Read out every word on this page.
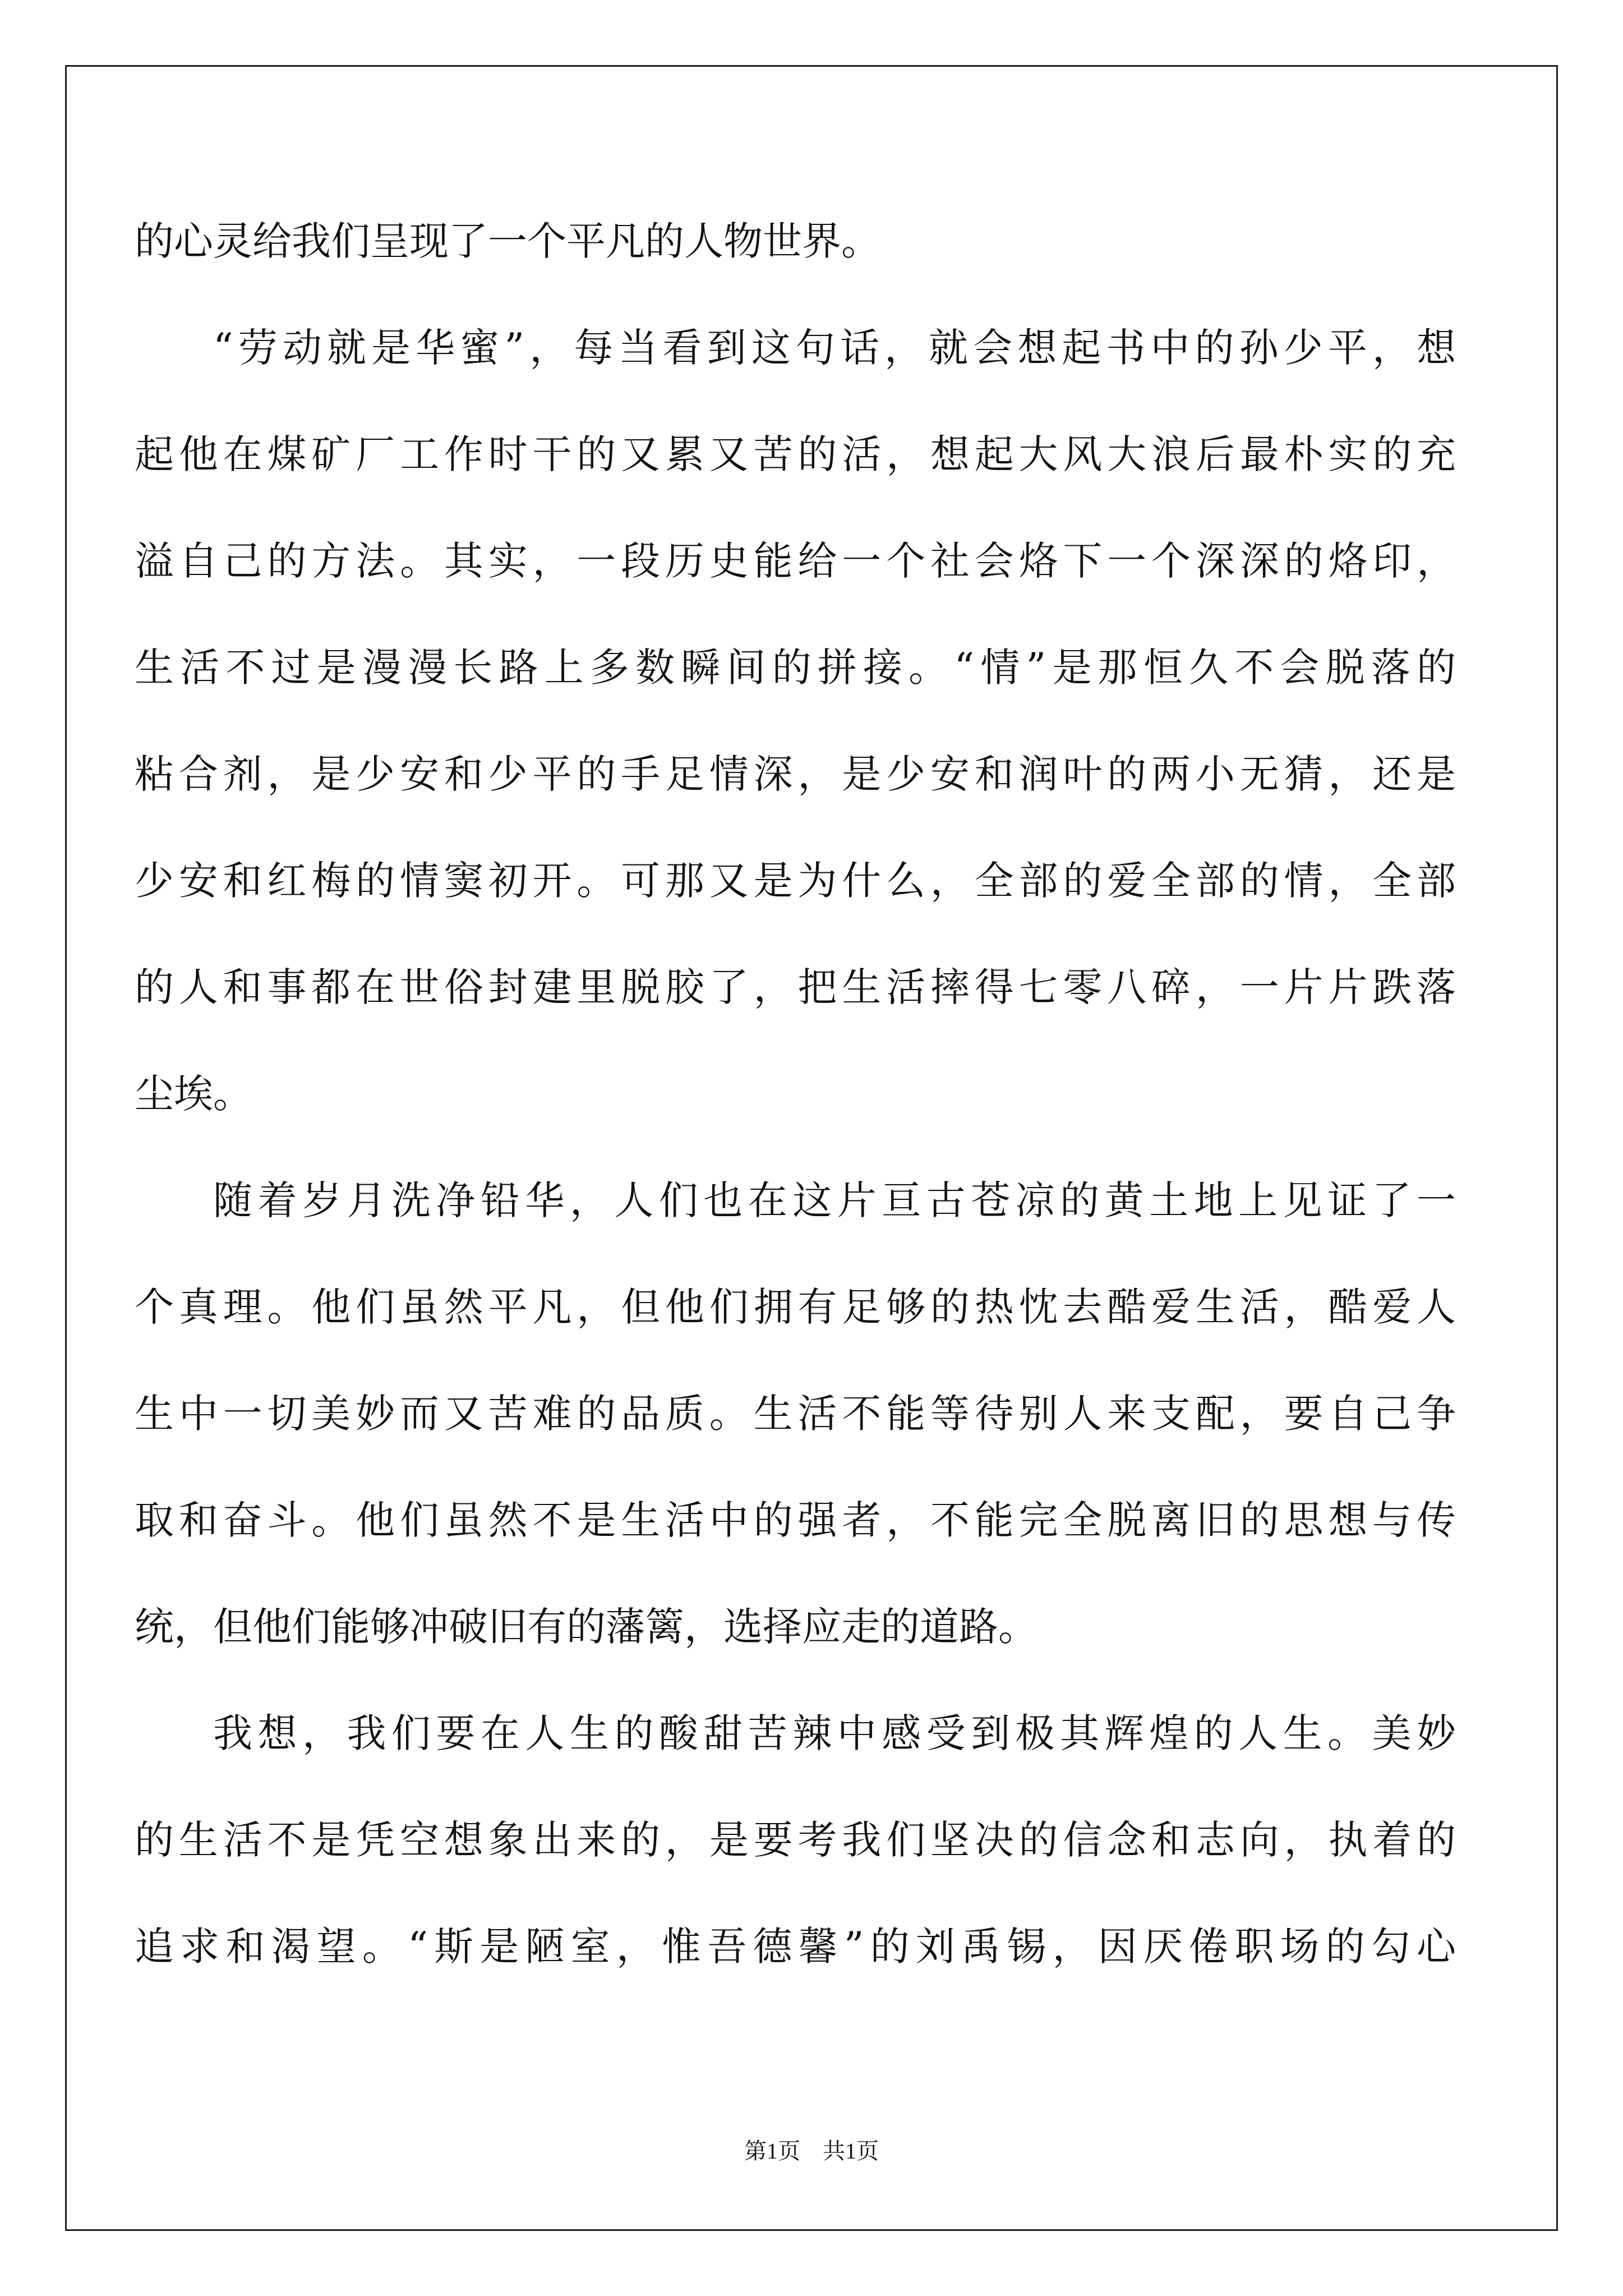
的心灵给我们呈现了一个平凡的人物世界。
“劳动就是华蜜”，每当看到这句话，就会想起书中的孙少平，想
起他在煤矿厂工作时干的又累又苦的活，想起大风大浪后最朴实的充
溢自己的方法。其实，一段历史能给一个社会烙下一个深深的烙印，
生活不过是漫漫长路上多数瞬间的拼接。“情”是那恒久不会脱落的
粘合剂，是少安和少平的手足情深，是少安和润叶的两小无猜，还是
少安和红梅的情窦初开。可那又是为什么，全部的爱全部的情，全部
的人和事都在世俗封建里脱胶了，把生活摔得七零八碎，一片片跌落
尘埃。
随着岁月洗净铅华，人们也在这片亘古苍凉的黄土地上见证了一
个真理。他们虽然平凡，但他们拥有足够的热忱去酷爱生活，酷爱人
生中一切美妙而又苦难的品质。生活不能等待别人来支配，要自己争
取和奋斗。他们虽然不是生活中的强者，不能完全脱离旧的思想与传
统，但他们能够冲破旧有的藩篱，选择应走的道路。
我想，我们要在人生的酸甜苦辣中感受到极其辉煌的人生。美妙
的生活不是凭空想象出来的，是要考我们坚决的信念和志向，执着的
追求和渴望。“斯是陋室，惟吾德馨”的刘禹锡，因厌倦职场的勾心
第1页 共1页
